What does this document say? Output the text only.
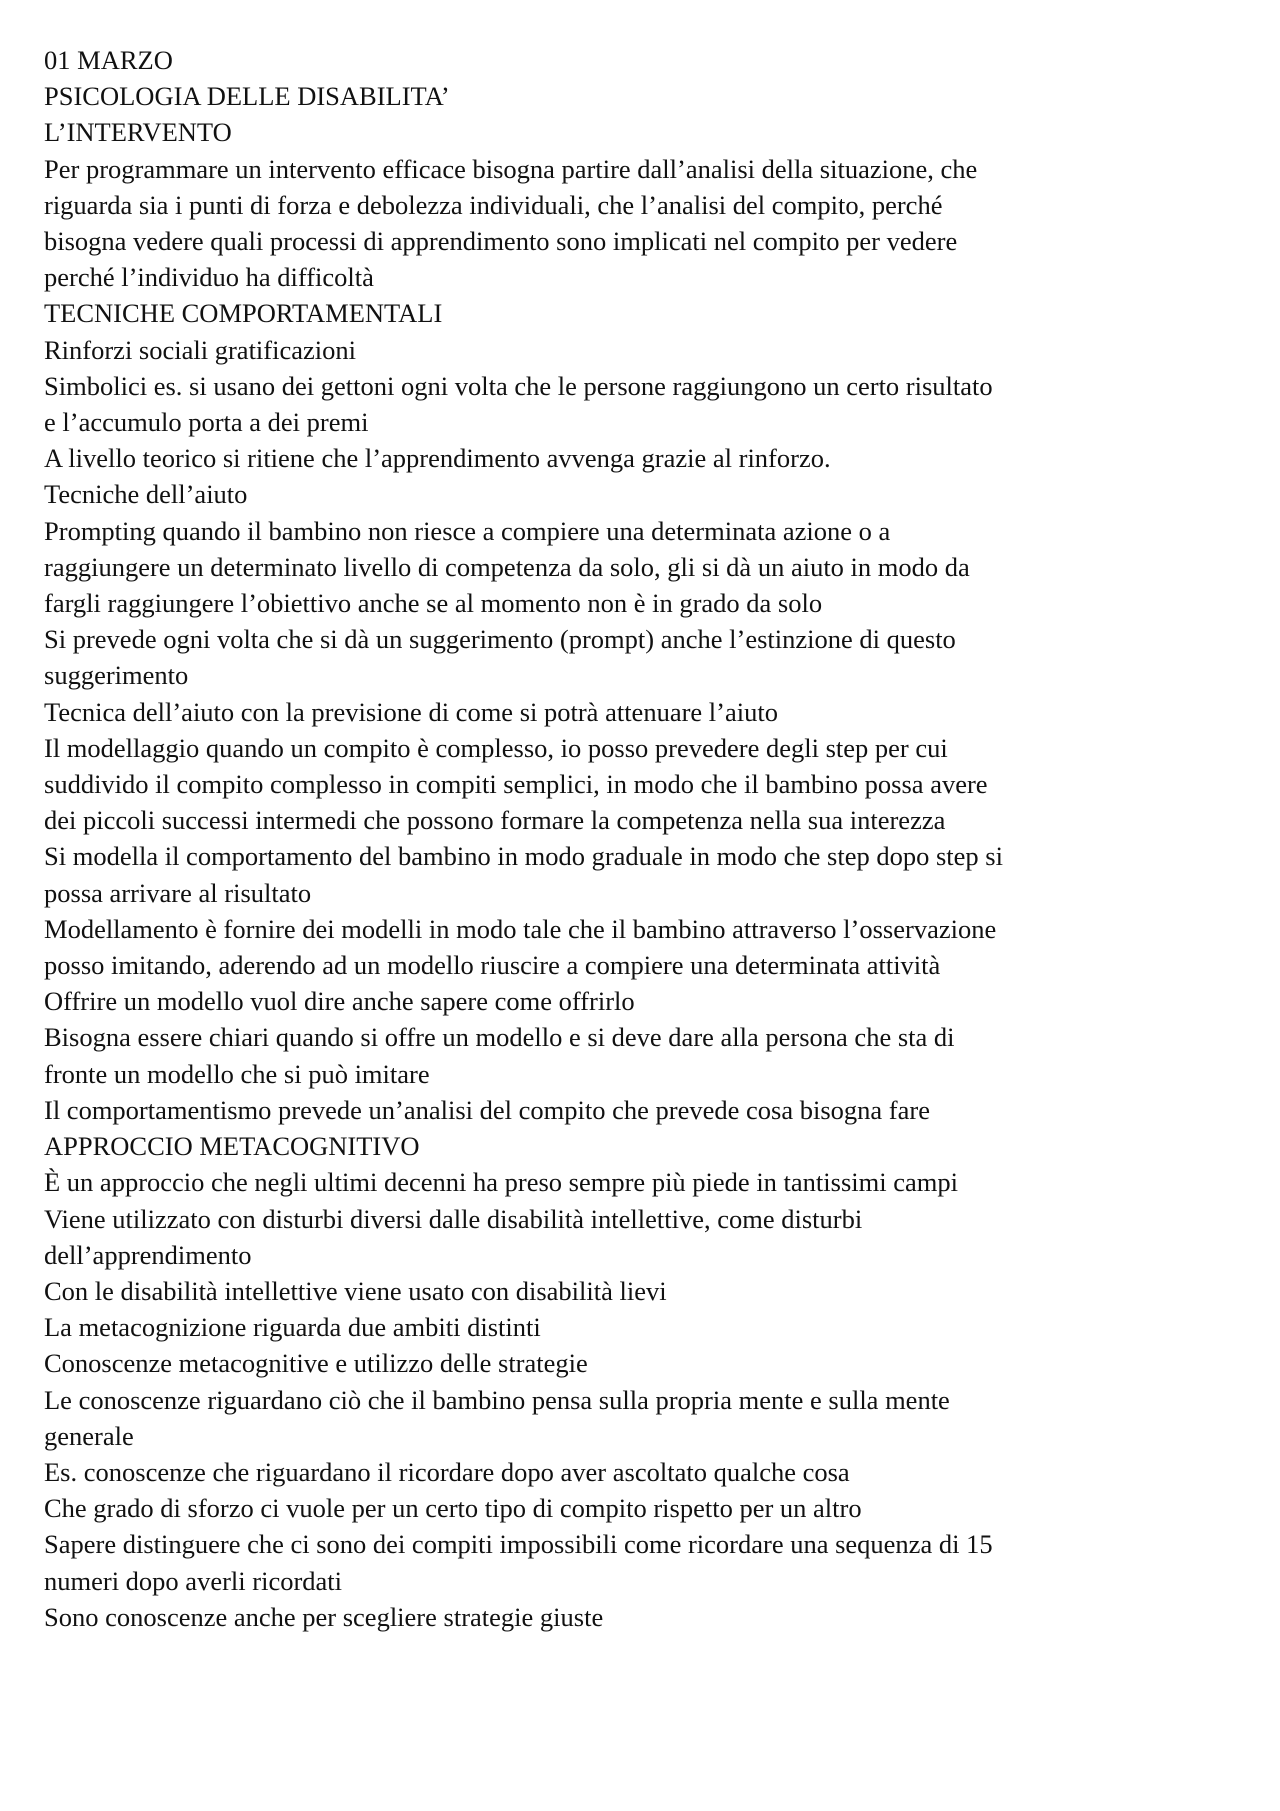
01 MARZO

PSICOLOGIA DELLE DISABILITA’

L’INTERVENTO

Per programmare un intervento efficace bisogna partire dall’analisi della situazione, che

riguarda sia i punti di forza e debolezza individuali, che l’analisi del compito, perché

bisogna vedere quali processi di apprendimento sono implicati nel compito per vedere

perché l’individuo ha difficoltà

TECNICHE COMPORTAMENTALI

Rinforzi sociali gratificazioni

Simbolici es. si usano dei gettoni ogni volta che le persone raggiungono un certo risultato

e l’accumulo porta a dei premi

A livello teorico si ritiene che l’apprendimento avvenga grazie al rinforzo.

Tecniche dell’aiuto

Prompting quando il bambino non riesce a compiere una determinata azione o a

raggiungere un determinato livello di competenza da solo, gli si dà un aiuto in modo da

fargli raggiungere l’obiettivo anche se al momento non è in grado da solo

Si prevede ogni volta che si dà un suggerimento (prompt) anche l’estinzione di questo

suggerimento

Tecnica dell’aiuto con la previsione di come si potrà attenuare l’aiuto

Il modellaggio quando un compito è complesso, io posso prevedere degli step per cui

suddivido il compito complesso in compiti semplici, in modo che il bambino possa avere

dei piccoli successi intermedi che possono formare la competenza nella sua interezza

Si modella il comportamento del bambino in modo graduale in modo che step dopo step si

possa arrivare al risultato

Modellamento è fornire dei modelli in modo tale che il bambino attraverso l’osservazione

posso imitando, aderendo ad un modello riuscire a compiere una determinata attività

Offrire un modello vuol dire anche sapere come offrirlo

Bisogna essere chiari quando si offre un modello e si deve dare alla persona che sta di

fronte un modello che si può imitare

Il comportamentismo prevede un’analisi del compito che prevede cosa bisogna fare

APPROCCIO METACOGNITIVO

È un approccio che negli ultimi decenni ha preso sempre più piede in tantissimi campi

Viene utilizzato con disturbi diversi dalle disabilità intellettive, come disturbi

dell’apprendimento

Con le disabilità intellettive viene usato con disabilità lievi

La metacognizione riguarda due ambiti distinti

Conoscenze metacognitive e utilizzo delle strategie

Le conoscenze riguardano ciò che il bambino pensa sulla propria mente e sulla mente

generale

Es. conoscenze che riguardano il ricordare dopo aver ascoltato qualche cosa

Che grado di sforzo ci vuole per un certo tipo di compito rispetto per un altro

Sapere distinguere che ci sono dei compiti impossibili come ricordare una sequenza di 15

numeri dopo averli ricordati

Sono conoscenze anche per scegliere strategie giuste
